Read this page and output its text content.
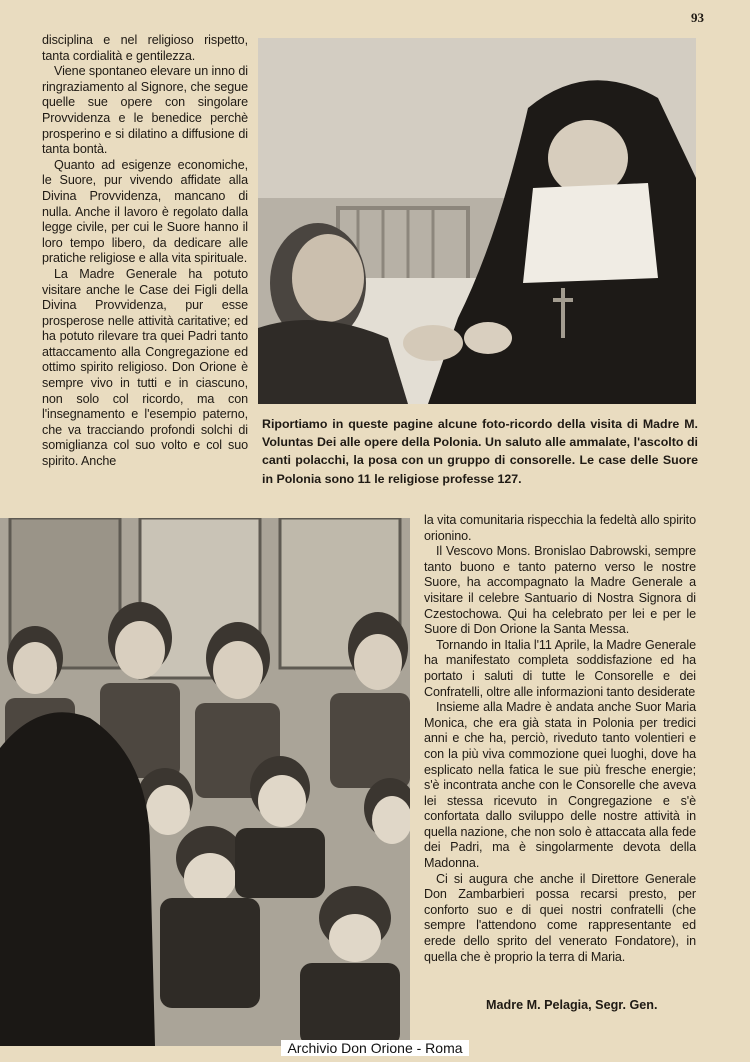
93

disciplina e nel religioso rispetto, tanta cordialità e gentilezza.

Viene spontaneo elevare un inno di ringraziamento al Signore, che segue quelle sue opere con singolare Provvidenza e le benedice perchè prosperino e si dilatino a diffusione di tanta bontà.

Quanto ad esigenze economiche, le Suore, pur vivendo affidate alla Divina Provvidenza, mancano di nulla. Anche il lavoro è regolato dalla legge civile, per cui le Suore hanno il loro tempo libero, da dedicare alle pratiche religiose e alla vita spirituale.

La Madre Generale ha potuto visitare anche le Case dei Figli della Divina Provvidenza, pur esse prosperose nelle attività caritative; ed ha potuto rilevare tra quei Padri tanto attaccamento alla Congregazione ed ottimo spirito religioso. Don Orione è sempre vivo in tutti e in ciascuno, non solo col ricordo, ma con l'insegnamento e l'esempio paterno, che va tracciando profondi solchi di somiglianza col suo volto e col suo spirito. Anche

Riportiamo in queste pagine alcune foto-ricordo della visita di Madre M. Voluntas Dei alle opere della Polonia. Un saluto alle ammalate, l'ascolto di canti polacchi, la posa con un gruppo di consorelle. Le case delle Suore in Polonia sono 11 le religiose professe 127.

la vita comunitaria rispecchia la fedeltà allo spirito orionino.

Il Vescovo Mons. Bronislao Dabrowski, sempre tanto buono e tanto paterno verso le nostre Suore, ha accompagnato la Madre Generale a visitare il celebre Santuario di Nostra Signora di Czestochowa. Qui ha celebrato per lei e per le Suore di Don Orione la Santa Messa.

Tornando in Italia l'11 Aprile, la Madre Generale ha manifestato completa soddisfazione ed ha portato i saluti di tutte le Consorelle e dei Confratelli, oltre alle informazioni tanto desiderate

Insieme alla Madre è andata anche Suor Maria Monica, che era già stata in Polonia per tredici anni e che ha, perciò, riveduto tanto volentieri e con la più viva commozione quei luoghi, dove ha esplicato nella fatica le sue più fresche energie; s'è incontrata anche con le Consorelle che aveva lei stessa ricevuto in Congregazione e s'è confortata dallo sviluppo delle nostre attività in quella nazione, che non solo è attaccata alla fede dei Padri, ma è singolarmente devota della Madonna.

Ci si augura che anche il Direttore Generale Don Zambarbieri possa recarsi presto, per conforto suo e di quei nostri confratelli (che sempre l'attendono come rappresentante ed erede dello sprito del venerato Fondatore), in quella che è proprio la terra di Maria.

Madre M. Pelagia, Segr. Gen.
Archivio Don Orione - Roma
